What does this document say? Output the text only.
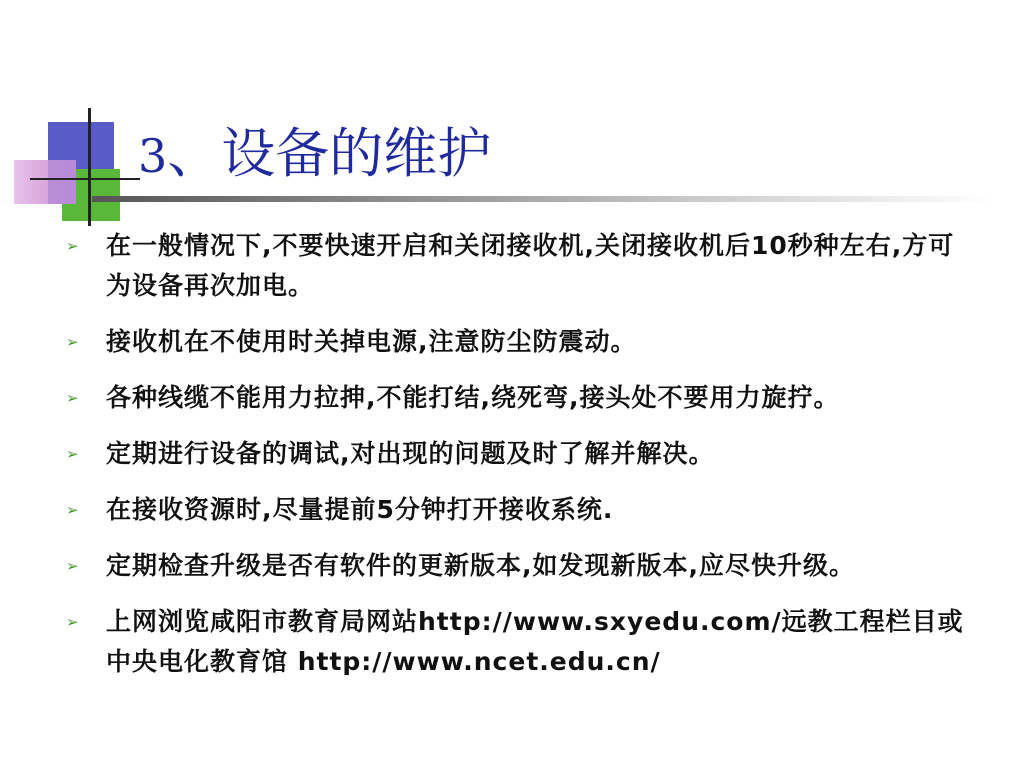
3、设备的维护
➢ 在一般情况下,不要快速开启和关闭接收机,关闭接收机后10秒种左右,方可为设备再次加电。
➢ 接收机在不使用时关掉电源,注意防尘防震动。
➢ 各种线缆不能用力拉抻,不能打结,绕死弯,接头处不要用力旋拧。
➢ 定期进行设备的调试,对出现的问题及时了解并解决。
➢ 在接收资源时,尽量提前5分钟打开接收系统.
➢ 定期检查升级是否有软件的更新版本,如发现新版本,应尽快升级。
➢ 上网浏览咸阳市教育局网站http://www.sxyedu.com/远教工程栏目或中央电化教育馆 http://www.ncet.edu.cn/
